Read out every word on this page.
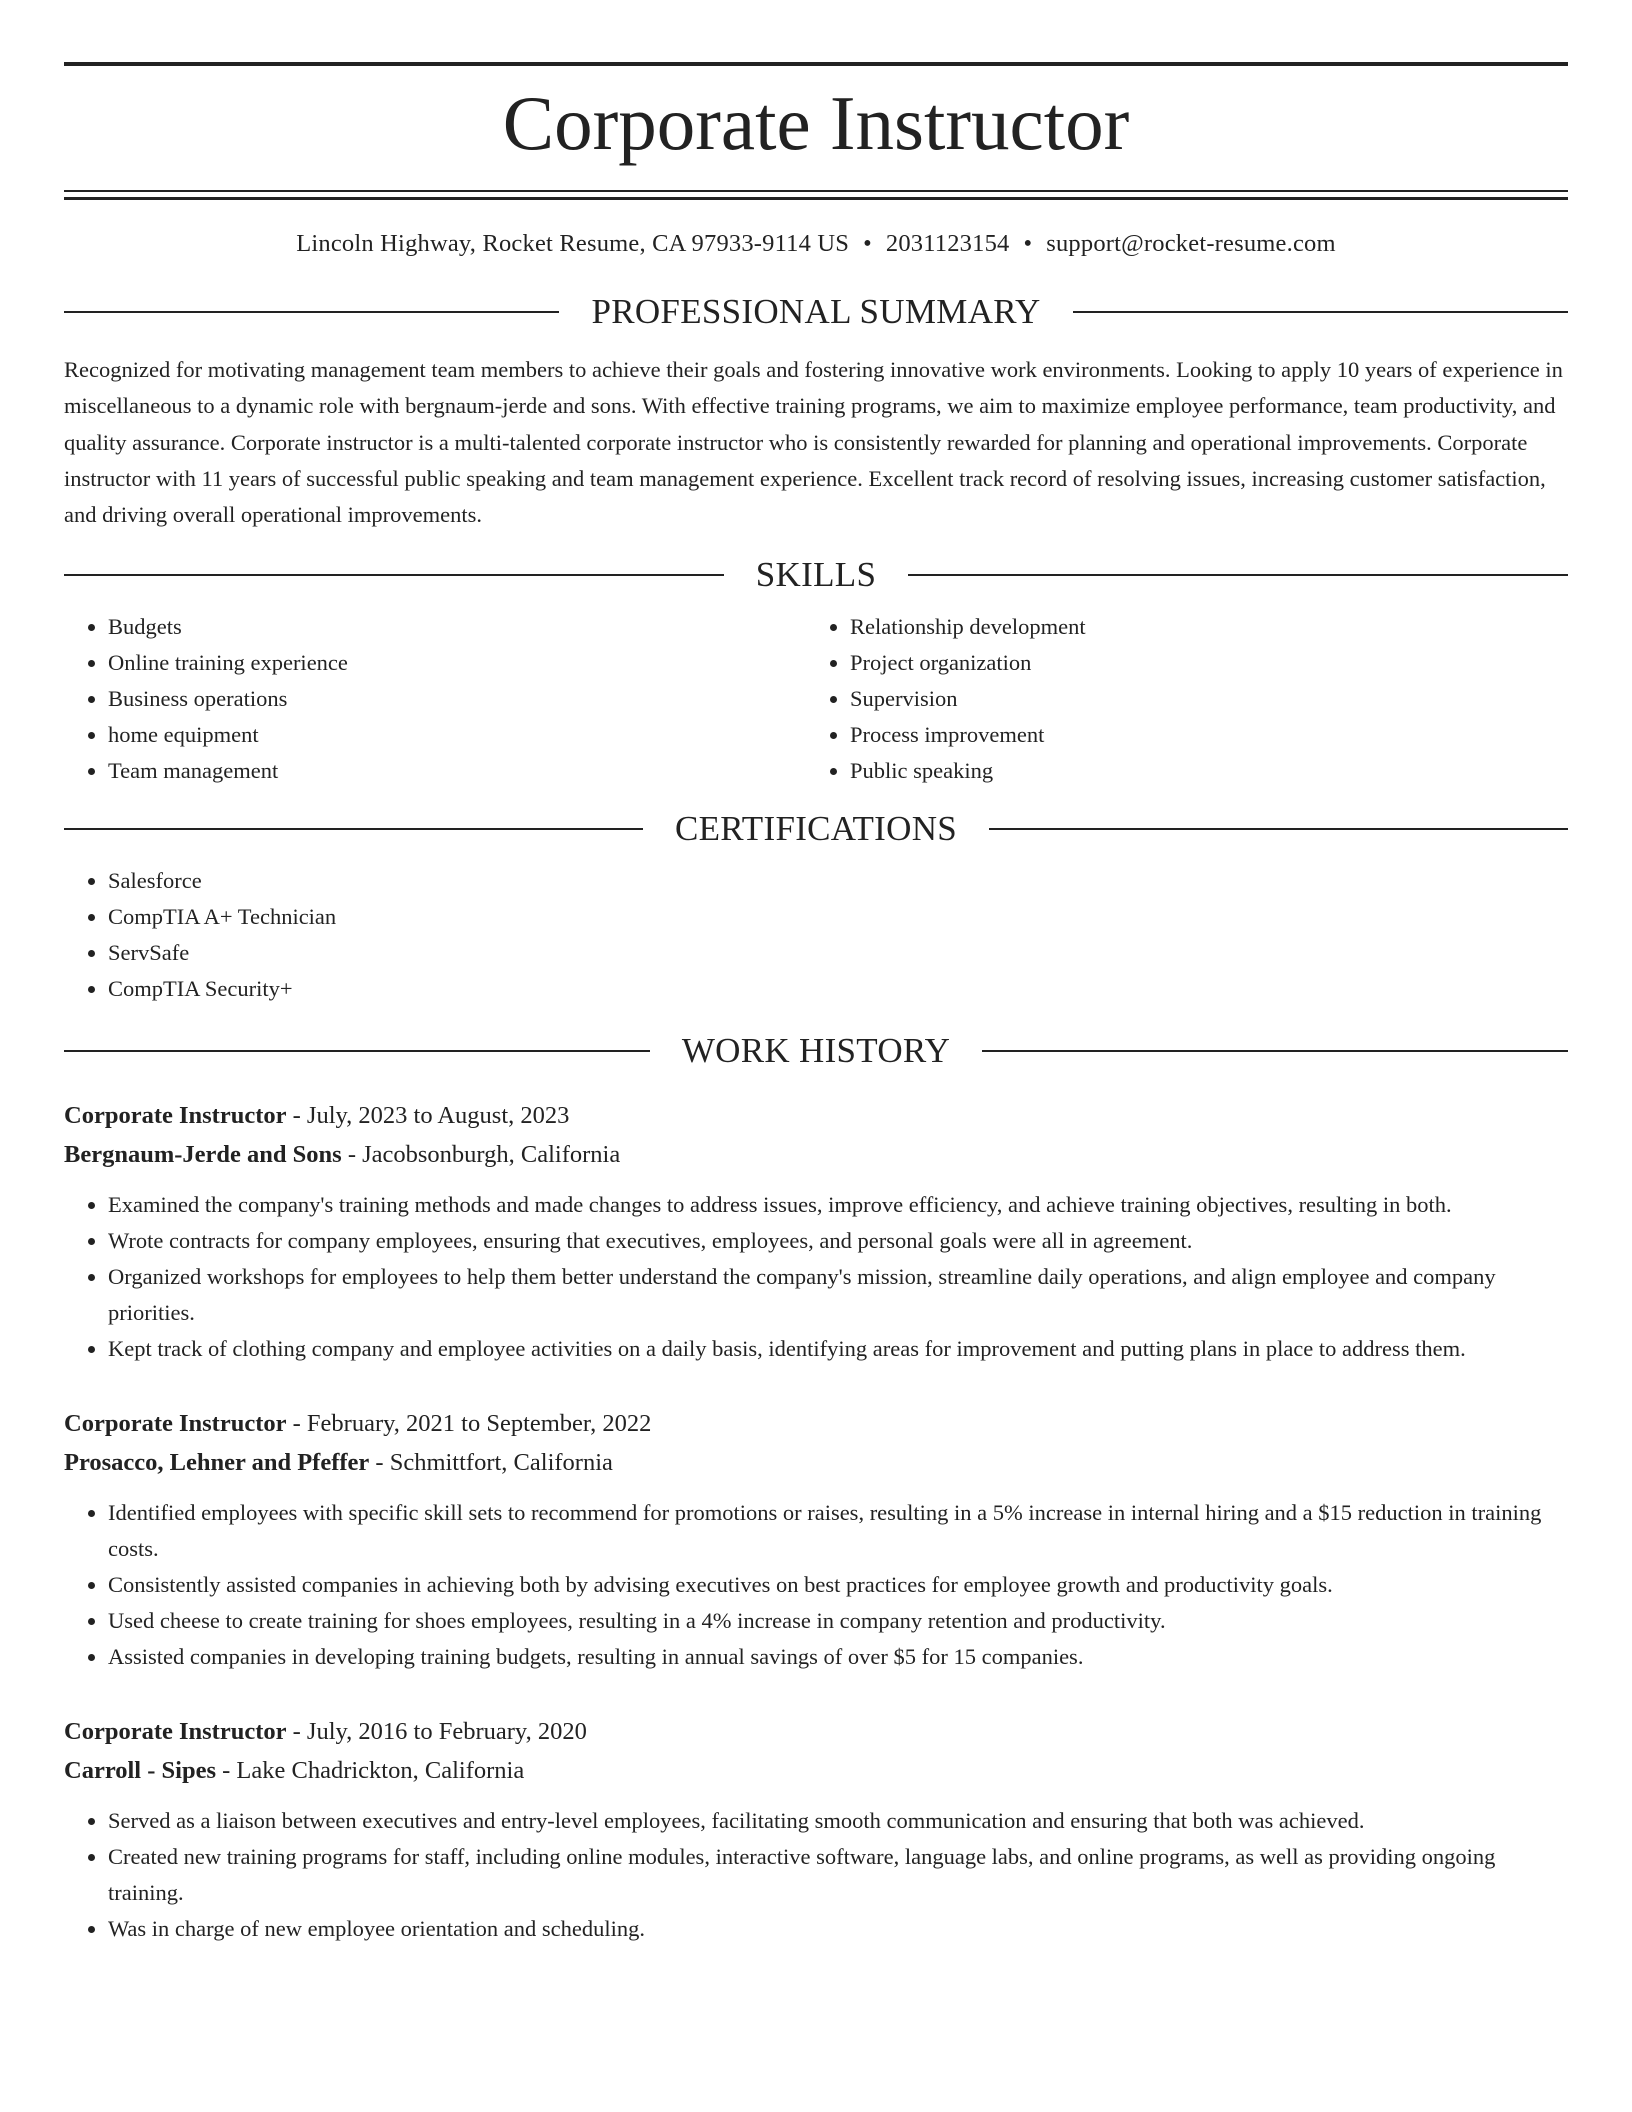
Corporate Instructor
Lincoln Highway, Rocket Resume, CA 97933-9114 US • 2031123154 • support@rocket-resume.com
PROFESSIONAL SUMMARY
Recognized for motivating management team members to achieve their goals and fostering innovative work environments. Looking to apply 10 years of experience in miscellaneous to a dynamic role with bergnaum-jerde and sons. With effective training programs, we aim to maximize employee performance, team productivity, and quality assurance. Corporate instructor is a multi-talented corporate instructor who is consistently rewarded for planning and operational improvements. Corporate instructor with 11 years of successful public speaking and team management experience. Excellent track record of resolving issues, increasing customer satisfaction, and driving overall operational improvements.
SKILLS
• Budgets
• Online training experience
• Business operations
• home equipment
• Team management
• Relationship development
• Project organization
• Supervision
• Process improvement
• Public speaking
CERTIFICATIONS
• Salesforce
• CompTIA A+ Technician
• ServSafe
• CompTIA Security+
WORK HISTORY
Corporate Instructor - July, 2023 to August, 2023
Bergnaum-Jerde and Sons - Jacobsonburgh, California
• Examined the company's training methods and made changes to address issues, improve efficiency, and achieve training objectives, resulting in both.
• Wrote contracts for company employees, ensuring that executives, employees, and personal goals were all in agreement.
• Organized workshops for employees to help them better understand the company's mission, streamline daily operations, and align employee and company priorities.
• Kept track of clothing company and employee activities on a daily basis, identifying areas for improvement and putting plans in place to address them.
Corporate Instructor - February, 2021 to September, 2022
Prosacco, Lehner and Pfeffer - Schmittfort, California
• Identified employees with specific skill sets to recommend for promotions or raises, resulting in a 5% increase in internal hiring and a $15 reduction in training costs.
• Consistently assisted companies in achieving both by advising executives on best practices for employee growth and productivity goals.
• Used cheese to create training for shoes employees, resulting in a 4% increase in company retention and productivity.
• Assisted companies in developing training budgets, resulting in annual savings of over $5 for 15 companies.
Corporate Instructor - July, 2016 to February, 2020
Carroll - Sipes - Lake Chadrickton, California
• Served as a liaison between executives and entry-level employees, facilitating smooth communication and ensuring that both was achieved.
• Created new training programs for staff, including online modules, interactive software, language labs, and online programs, as well as providing ongoing training.
• Was in charge of new employee orientation and scheduling.
